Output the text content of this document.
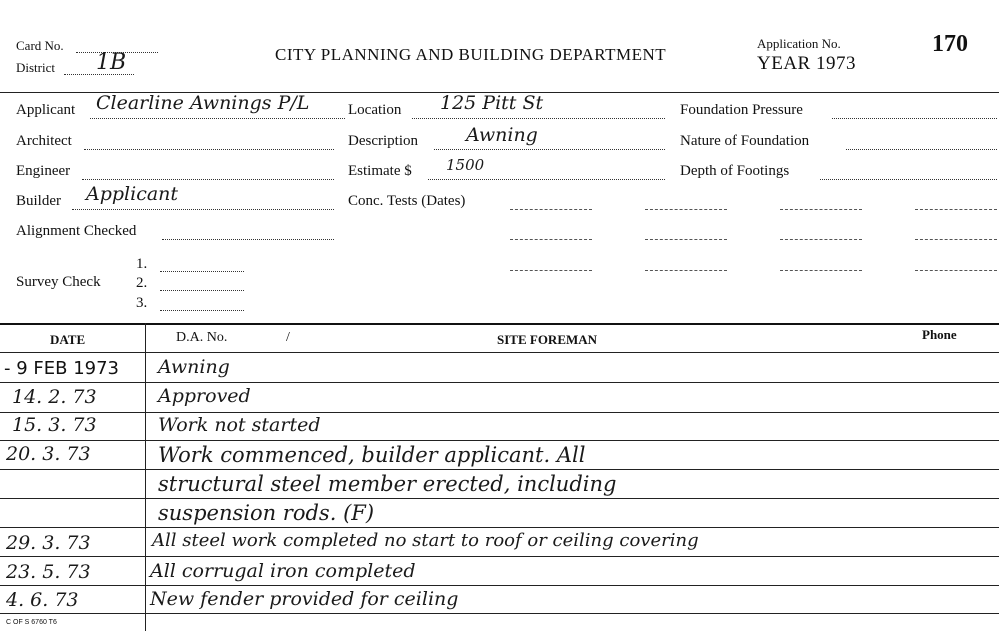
Card No.
District 1B	CITY PLANNING AND BUILDING DEPARTMENT
Application No.
YEAR 1973
170
Applicant Clearline Awnings P/L	Location 125 Pitt St	Foundation Pressure
Architect	Description	Awning	Nature of Foundation
Engineer	Estimate $ 1500	Depth of Footings
Builder Applicant	Conc. Tests (Dates)
Alignment Checked
Survey Check
1.
2.
3.
DATE	D.A. No.	/	SITE FOREMAN	Phone
- 9 FEB 1973 Awning
14. 2. 73	Approved
15. 3. 73	Work not started
20. 3. 73	Work commenced, builder applicant. All
structural steel member erected, including
suspension rods. (F)
29. 3. 73	All steel work completed no start to roof or ceiling covering
23. 5. 73	All corrugal iron completed
4. 6. 73	New fender provided for ceiling
C OF S 6760 T6
